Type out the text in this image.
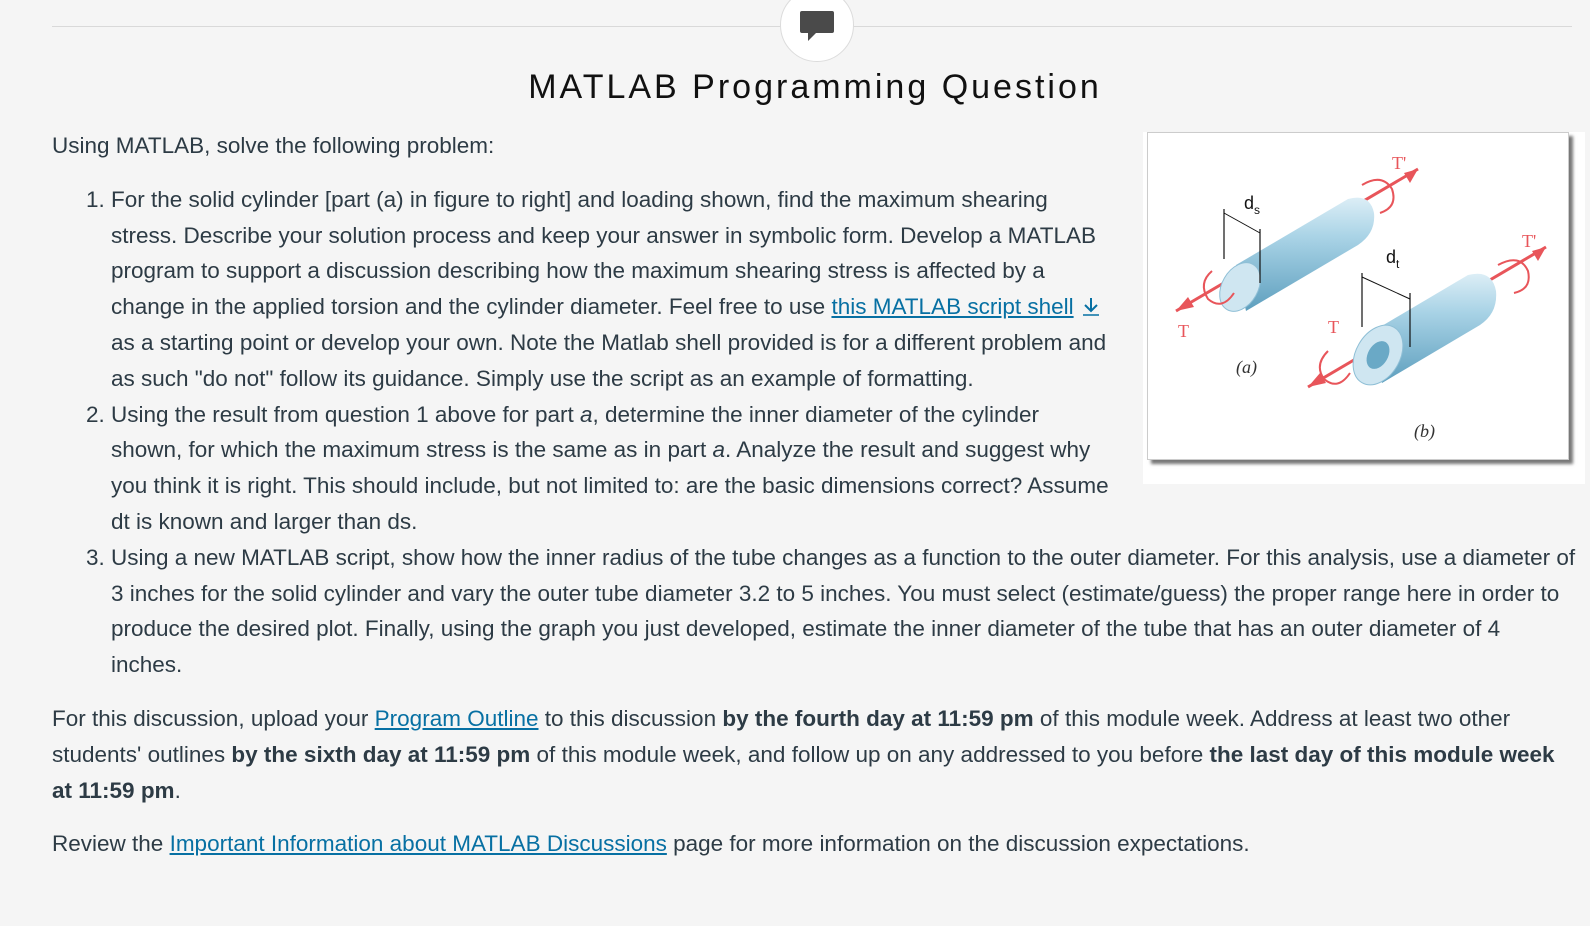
MATLAB Programming Question
$d_s$
T
T'
(a)
$d_t$
T
T'
(b)

Using MATLAB, solve the following problem:

1. For the solid cylinder [part (a) in figure to right] and loading shown, find the maximum shearing stress. Describe your solution process and keep your answer in symbolic form. Develop a MATLAB program to support a discussion describing how the maximum shearing stress is affected by a change in the applied torsion and the cylinder diameter. Feel free to use this MATLAB script shell as a starting point or develop your own. Note the Matlab shell provided is for a different problem and as such "do not" follow its guidance. Simply use the script as an example of formatting.
2. Using the result from question 1 above for part a, determine the inner diameter of the cylinder shown, for which the maximum stress is the same as in part a. Analyze the result and suggest why you think it is right. This should include, but not limited to: are the basic dimensions correct? Assume dt is known and larger than ds.
3. Using a new MATLAB script, show how the inner radius of the tube changes as a function to the outer diameter. For this analysis, use a diameter of 3 inches for the solid cylinder and vary the outer tube diameter 3.2 to 5 inches. You must select (estimate/guess) the proper range here in order to produce the desired plot. Finally, using the graph you just developed, estimate the inner diameter of the tube that has an outer diameter of 4 inches.

For this discussion, upload your Program Outline to this discussion by the fourth day at 11:59 pm of this module week. Address at least two other students' outlines by the sixth day at 11:59 pm of this module week, and follow up on any addressed to you before the last day of this module week at 11:59 pm.

Review the Important Information about MATLAB Discussions page for more information on the discussion expectations.
